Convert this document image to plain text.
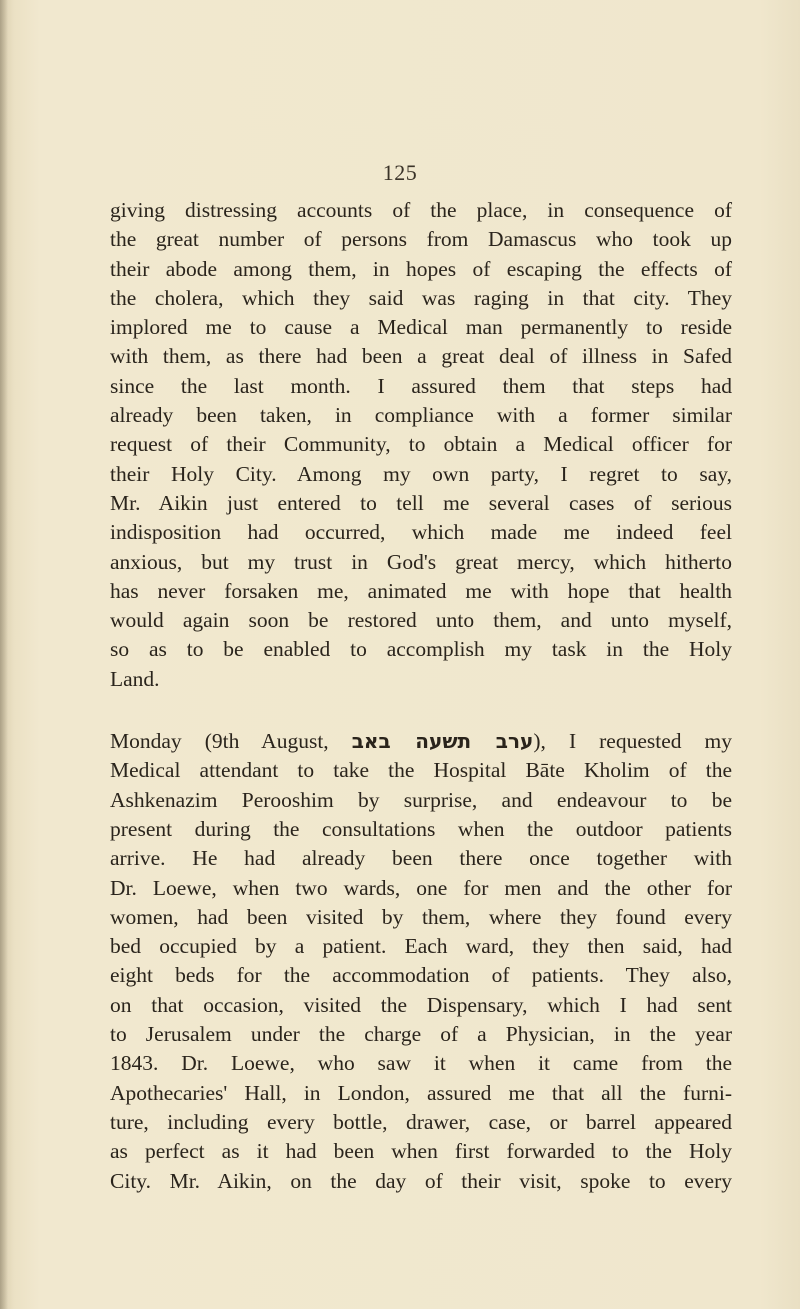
125
giving distressing accounts of the place, in consequence of
the great number of persons from Damascus who took up
their abode among them, in hopes of escaping the effects of
the cholera, which they said was raging in that city. They
implored me to cause a Medical man permanently to reside
with them, as there had been a great deal of illness in Safed
since the last month. I assured them that steps had
already been taken, in compliance with a former similar
request of their Community, to obtain a Medical officer for
their Holy City. Among my own party, I regret to say,
Mr. Aikin just entered to tell me several cases of serious
indisposition had occurred, which made me indeed feel
anxious, but my trust in God's great mercy, which hitherto
has never forsaken me, animated me with hope that health
would again soon be restored unto them, and unto myself,
so as to be enabled to accomplish my task in the Holy
Land.
Monday (9th August, ערב תשעה באב), I requested my
Medical attendant to take the Hospital Bāte Kholim of the
Ashkenazim Perooshim by surprise, and endeavour to be
present during the consultations when the outdoor patients
arrive. He had already been there once together with
Dr. Loewe, when two wards, one for men and the other for
women, had been visited by them, where they found every
bed occupied by a patient. Each ward, they then said, had
eight beds for the accommodation of patients. They also,
on that occasion, visited the Dispensary, which I had sent
to Jerusalem under the charge of a Physician, in the year
1843. Dr. Loewe, who saw it when it came from the
Apothecaries' Hall, in London, assured me that all the furni-
ture, including every bottle, drawer, case, or barrel appeared
as perfect as it had been when first forwarded to the Holy
City. Mr. Aikin, on the day of their visit, spoke to every
